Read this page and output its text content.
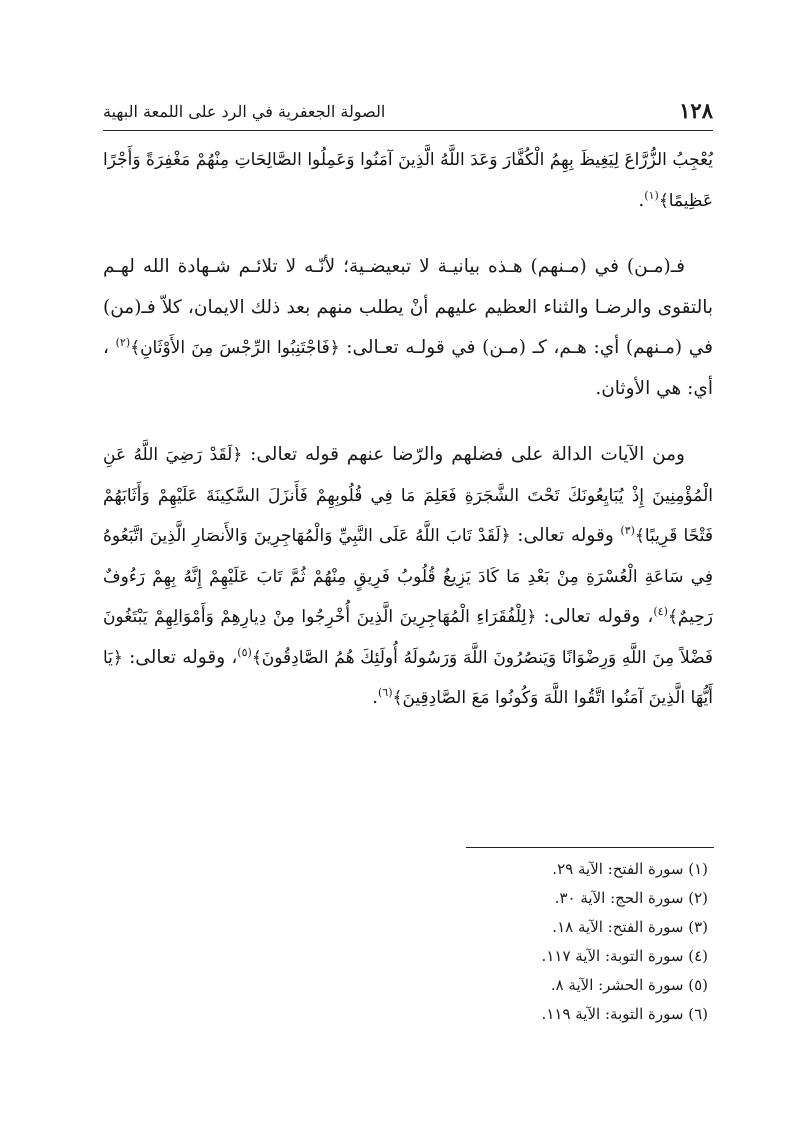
الصولة الجعفرية في الرد على اللمعة البهية	١٢٨

يُعْجِبُ الزُّرَّاعَ لِيَغِيظَ بِهِمُ الْكُفَّارَ وَعَدَ اللَّهُ الَّذِينَ آمَنُوا وَعَمِلُوا الصَّالِحَاتِ مِنْهُمْ مَغْفِرَةً وَأَجْرًا
عَظِيمًا﴾$^{(١)}$.

فـ(مـن) في (مـنهم) هـذه بيانيـة لا تبعيضـية؛ لأنّـه لا تلائـم شـهادة الله لهـم بالتقوى والرضـا والثناء العظيم عليهم أنْ يطلب منهم بعد ذلك الايمان، كلاّ فـ(من) في (مـنهم) أي: هـم، كـ (مـن) في قولـه تعـالى: ﴿فَاجْتَنِبُوا الرِّجْسَ مِنَ الأَوْثَانِ﴾$^{(٢)}$ ، أي: هي الأوثان.

ومن الآيات الدالة على فضلهم والرّضا عنهم قوله تعالى: ﴿لَقَدْ رَضِيَ اللَّهُ عَنِ الْمُؤْمِنِينَ إِذْ يُبَايِعُونَكَ تَحْتَ الشَّجَرَةِ فَعَلِمَ مَا فِي قُلُوبِهِمْ فَأَنزَلَ السَّكِينَةَ عَلَيْهِمْ وَأَثَابَهُمْ فَتْحًا قَرِيبًا﴾$^{(٣)}$ وقوله تعالى: ﴿لَقَدْ تَابَ اللَّهُ عَلَى النَّبِيِّ وَالْمُهَاجِرِينَ وَالأَنصَارِ الَّذِينَ اتَّبَعُوهُ فِي سَاعَةِ الْعُسْرَةِ مِنْ بَعْدِ مَا كَادَ يَزِيغُ قُلُوبُ فَرِيقٍ مِنْهُمْ ثُمَّ تَابَ عَلَيْهِمْ إِنَّهُ بِهِمْ رَءُوفٌ رَحِيمٌ﴾$^{(٤)}$، وقوله تعالى: ﴿لِلْفُقَرَاءِ الْمُهَاجِرِينَ الَّذِينَ أُخْرِجُوا مِنْ دِيارِهِمْ وَأَمْوَالِهِمْ يَبْتَغُونَ فَضْلاً مِنَ اللَّهِ وَرِضْوَانًا وَيَنصُرُونَ اللَّهَ وَرَسُولَهُ أُولَئِكَ هُمُ الصَّادِقُونَ﴾$^{(٥)}$، وقوله تعالى: ﴿يَا أَيُّهَا الَّذِينَ آمَنُوا اتَّقُوا اللَّهَ وَكُونُوا مَعَ الصَّادِقِينَ﴾$^{(٦)}$.

(١) سورة الفتح: الآية ٢٩.
(٢) سورة الحج: الآية ٣٠.
(٣) سورة الفتح: الآية ١٨.
(٤) سورة التوبة: الآية ١١٧.
(٥) سورة الحشر: الآية ٨.
(٦) سورة التوبة: الآية ١١٩.
